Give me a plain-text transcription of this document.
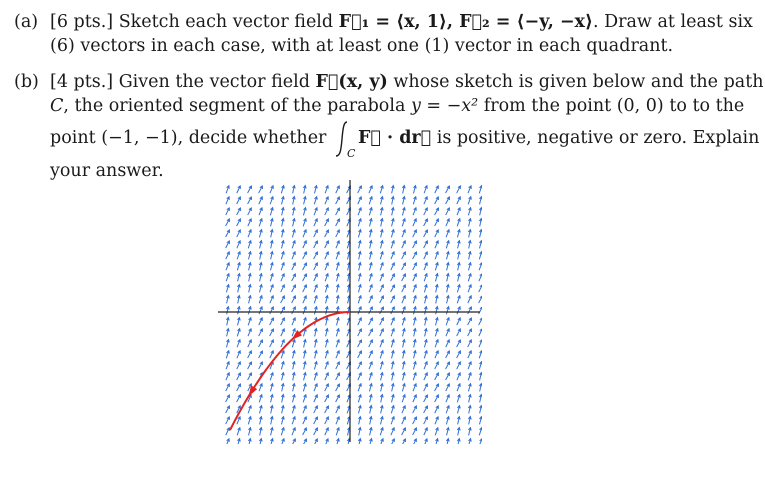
(a) [6 pts.] Sketch each vector field F⃗₁ = ⟨x, 1⟩, F⃗₂ = ⟨−y, −x⟩. Draw at least six
(6) vectors in each case, with at least one (1) vector in each quadrant.
(b) [4 pts.] Given the vector field F⃗(x, y) whose sketch is given below and the path
C, the oriented segment of the parabola y = −x² from the point (0, 0) to to the
point (−1, −1), decide whether
C
F⃗ · dr⃗ is positive, negative or zero. Explain
your answer.
